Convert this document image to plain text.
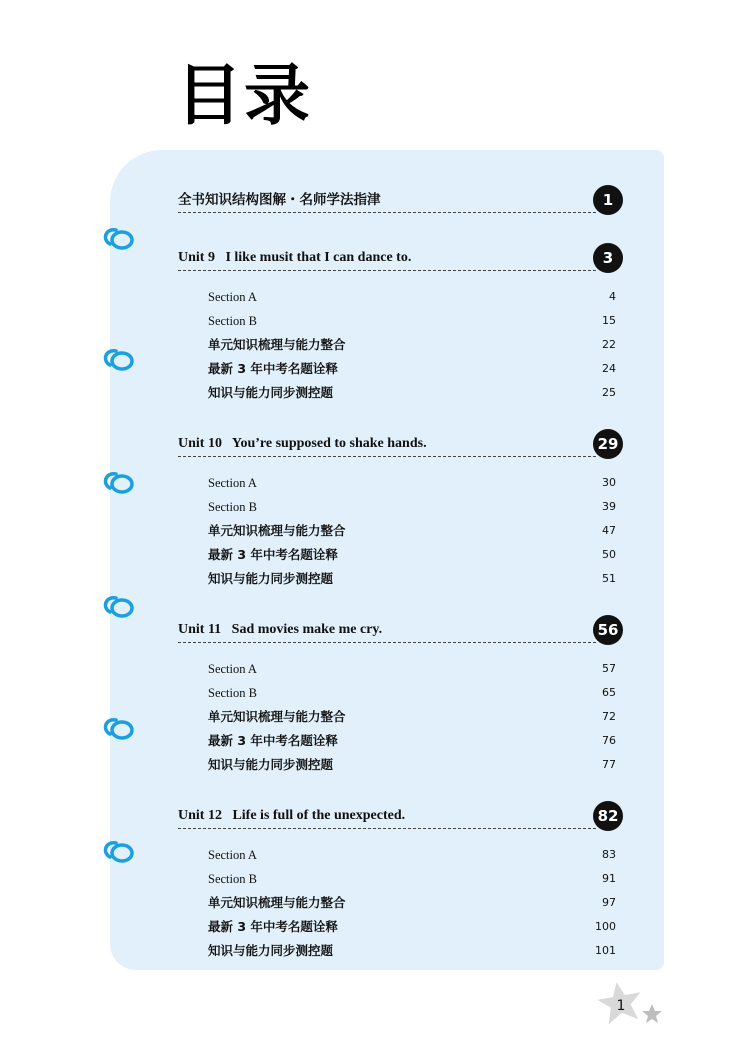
目录
全书知识结构图解・名师学法指津	1
Unit 9   I like musit that I can dance to.	3
Section A	4
Section B	15
单元知识梳理与能力整合	22
最新 3 年中考名题诠释	24
知识与能力同步测控题	25
Unit 10   You’re supposed to shake hands.	29
Section A	30
Section B	39
单元知识梳理与能力整合	47
最新 3 年中考名题诠释	50
知识与能力同步测控题	51
Unit 11   Sad movies make me cry.	56
Section A	57
Section B	65
单元知识梳理与能力整合	72
最新 3 年中考名题诠释	76
知识与能力同步测控题	77
Unit 12   Life is full of the unexpected.	82
Section A	83
Section B	91
单元知识梳理与能力整合	97
最新 3 年中考名题诠释	100
知识与能力同步测控题	101
1
